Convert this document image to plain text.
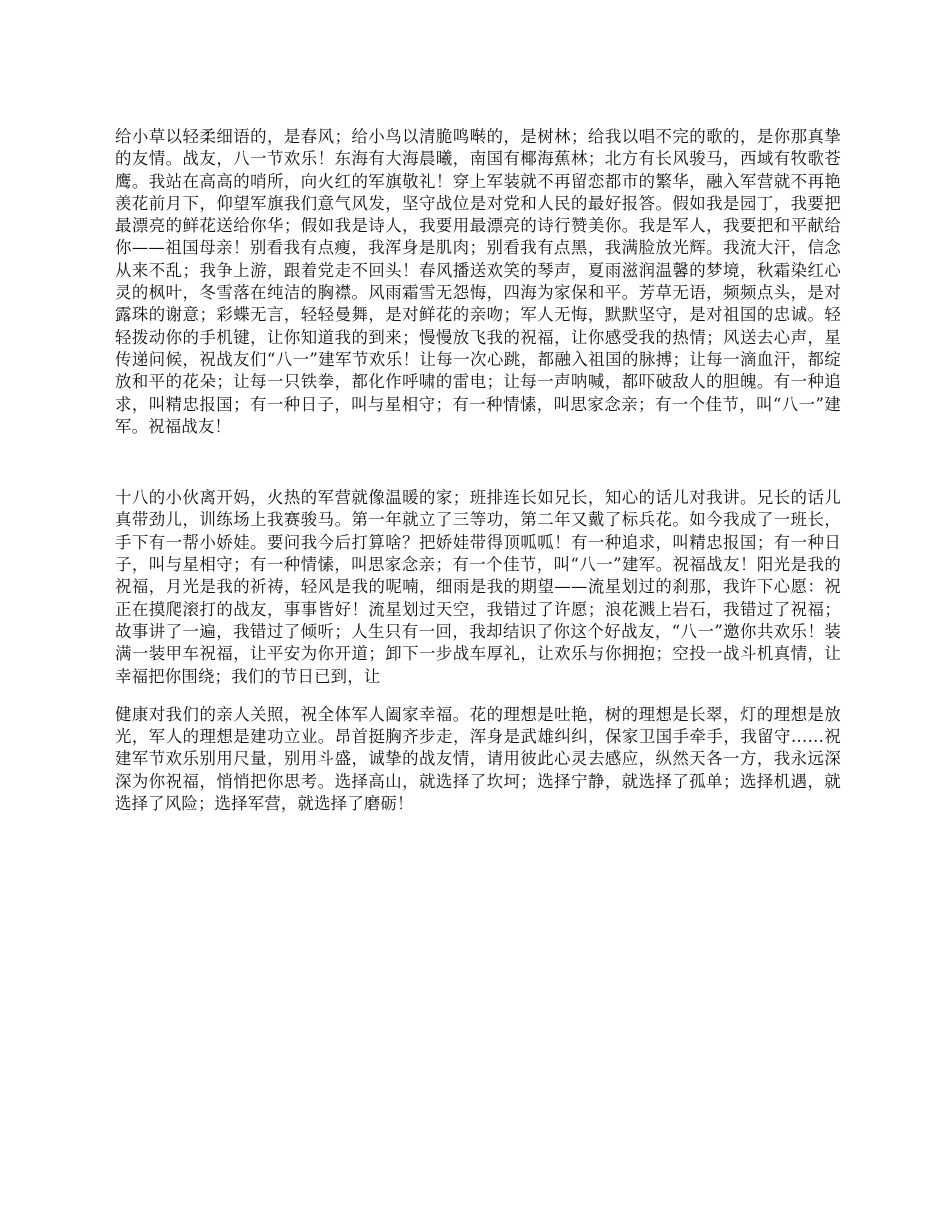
给小草以轻柔细语的，是春风；给小鸟以清脆鸣啭的，是树林；给我以唱不完的歌的，是你那真挚的友情。战友，八一节欢乐！东海有大海晨曦，南国有椰海蕉林；北方有长风骏马，西域有牧歌苍鹰。我站在高高的哨所，向火红的军旗敬礼！穿上军装就不再留恋都市的繁华，融入军营就不再艳羡花前月下，仰望军旗我们意气风发，坚守战位是对党和人民的最好报答。假如我是园丁，我要把最漂亮的鲜花送给你华；假如我是诗人，我要用最漂亮的诗行赞美你。我是军人，我要把和平献给你——祖国母亲！别看我有点瘦，我浑身是肌肉；别看我有点黑，我满脸放光辉。我流大汗，信念从来不乱；我争上游，跟着党走不回头！春风播送欢笑的琴声，夏雨滋润温馨的梦境，秋霜染红心灵的枫叶，冬雪落在纯洁的胸襟。风雨霜雪无怨悔，四海为家保和平。芳草无语，频频点头，是对露珠的谢意；彩蝶无言，轻轻曼舞，是对鲜花的亲吻；军人无悔，默默坚守，是对祖国的忠诚。轻轻拨动你的手机键，让你知道我的到来；慢慢放飞我的祝福，让你感受我的热情；风送去心声，星传递问候，祝战友们“八一”建军节欢乐！让每一次心跳，都融入祖国的脉搏；让每一滴血汗，都绽放和平的花朵；让每一只铁拳，都化作呼啸的雷电；让每一声呐喊，都吓破敌人的胆魄。有一种追求，叫精忠报国；有一种日子，叫与星相守；有一种情愫，叫思家念亲；有一个佳节，叫“八一”建军。祝福战友！

十八的小伙离开妈，火热的军营就像温暖的家；班排连长如兄长，知心的话儿对我讲。兄长的话儿真带劲儿，训练场上我赛骏马。第一年就立了三等功，第二年又戴了标兵花。如今我成了一班长，手下有一帮小娇娃。要问我今后打算啥？把娇娃带得顶呱呱！有一种追求，叫精忠报国；有一种日子，叫与星相守；有一种情愫，叫思家念亲；有一个佳节，叫“八一”建军。祝福战友！阳光是我的祝福，月光是我的祈祷，轻风是我的呢喃，细雨是我的期望——流星划过的刹那，我许下心愿：祝正在摸爬滚打的战友，事事皆好！流星划过天空，我错过了许愿；浪花溅上岩石，我错过了祝福；故事讲了一遍，我错过了倾听；人生只有一回，我却结识了你这个好战友，“八一”邀你共欢乐！装满一装甲车祝福，让平安为你开道；卸下一步战车厚礼，让欢乐与你拥抱；空投一战斗机真情，让幸福把你围绕；我们的节日已到，让

健康对我们的亲人关照，祝全体军人阖家幸福。花的理想是吐艳，树的理想是长翠，灯的理想是放光，军人的理想是建功立业。昂首挺胸齐步走，浑身是武雄纠纠，保家卫国手牵手，我留守……祝建军节欢乐别用尺量，别用斗盛，诚挚的战友情，请用彼此心灵去感应，纵然天各一方，我永远深深为你祝福，悄悄把你思考。选择高山，就选择了坎坷；选择宁静，就选择了孤单；选择机遇，就选择了风险；选择军营，就选择了磨砺！
